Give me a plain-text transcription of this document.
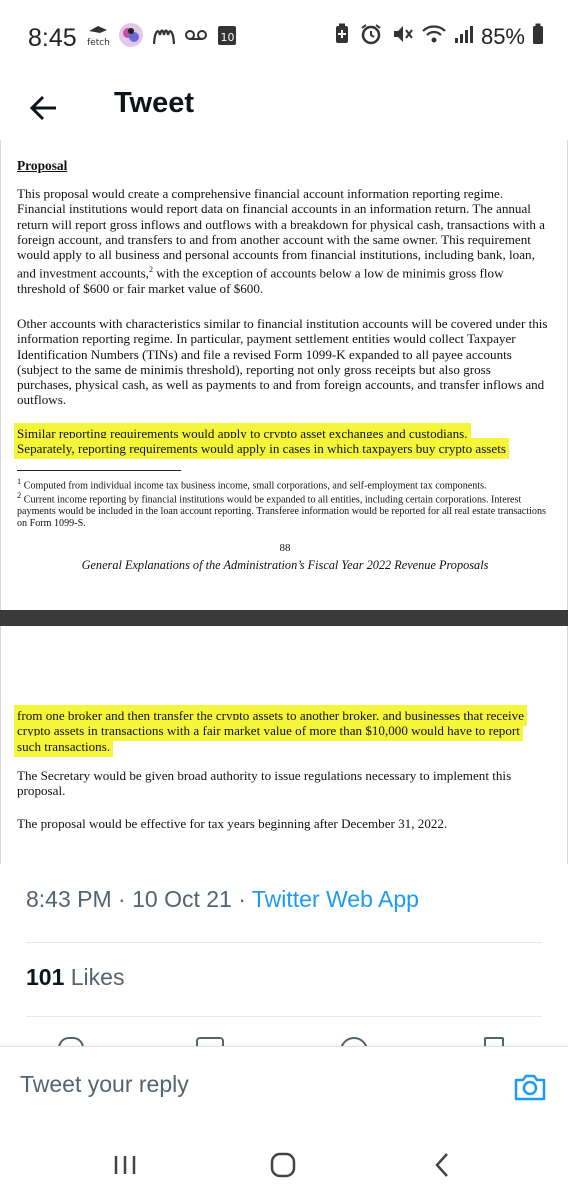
8:45 fetch	10	85%
Tweet
Proposal
This proposal would create a comprehensive financial account information reporting regime. Financial institutions would report data on financial accounts in an information return. The annual return will report gross inflows and outflows with a breakdown for physical cash, transactions with a foreign account, and transfers to and from another account with the same owner. This requirement would apply to all business and personal accounts from financial institutions, including bank, loan, and investment accounts,$^2$ with the exception of accounts below a low de minimis gross flow threshold of $600 or fair market value of $600.
Other accounts with characteristics similar to financial institution accounts will be covered under this information reporting regime. In particular, payment settlement entities would collect Taxpayer Identification Numbers (TINs) and file a revised Form 1099-K expanded to all payee accounts (subject to the same de minimis threshold), reporting not only gross receipts but also gross purchases, physical cash, as well as payments to and from foreign accounts, and transfer inflows and outflows.
Similar reporting requirements would apply to crypto asset exchanges and custodians.
Separately, reporting requirements would apply in cases in which taxpayers buy crypto assets
$^1$ Computed from individual income tax business income, small corporations, and self-employment tax components.
$^2$ Current income reporting by financial institutions would be expanded to all entities, including certain corporations. Interest payments would be included in the loan account reporting. Transferee information would be reported for all real estate transactions on Form 1099-S.
88
General Explanations of the Administration’s Fiscal Year 2022 Revenue Proposals
from one broker and then transfer the crypto assets to another broker, and businesses that receive
crypto assets in transactions with a fair market value of more than $10,000 would have to report
such transactions.
The Secretary would be given broad authority to issue regulations necessary to implement this proposal.
The proposal would be effective for tax years beginning after December 31, 2022.
8:43 PM · 10 Oct 21 · Twitter Web App
101 Likes
Tweet your reply
